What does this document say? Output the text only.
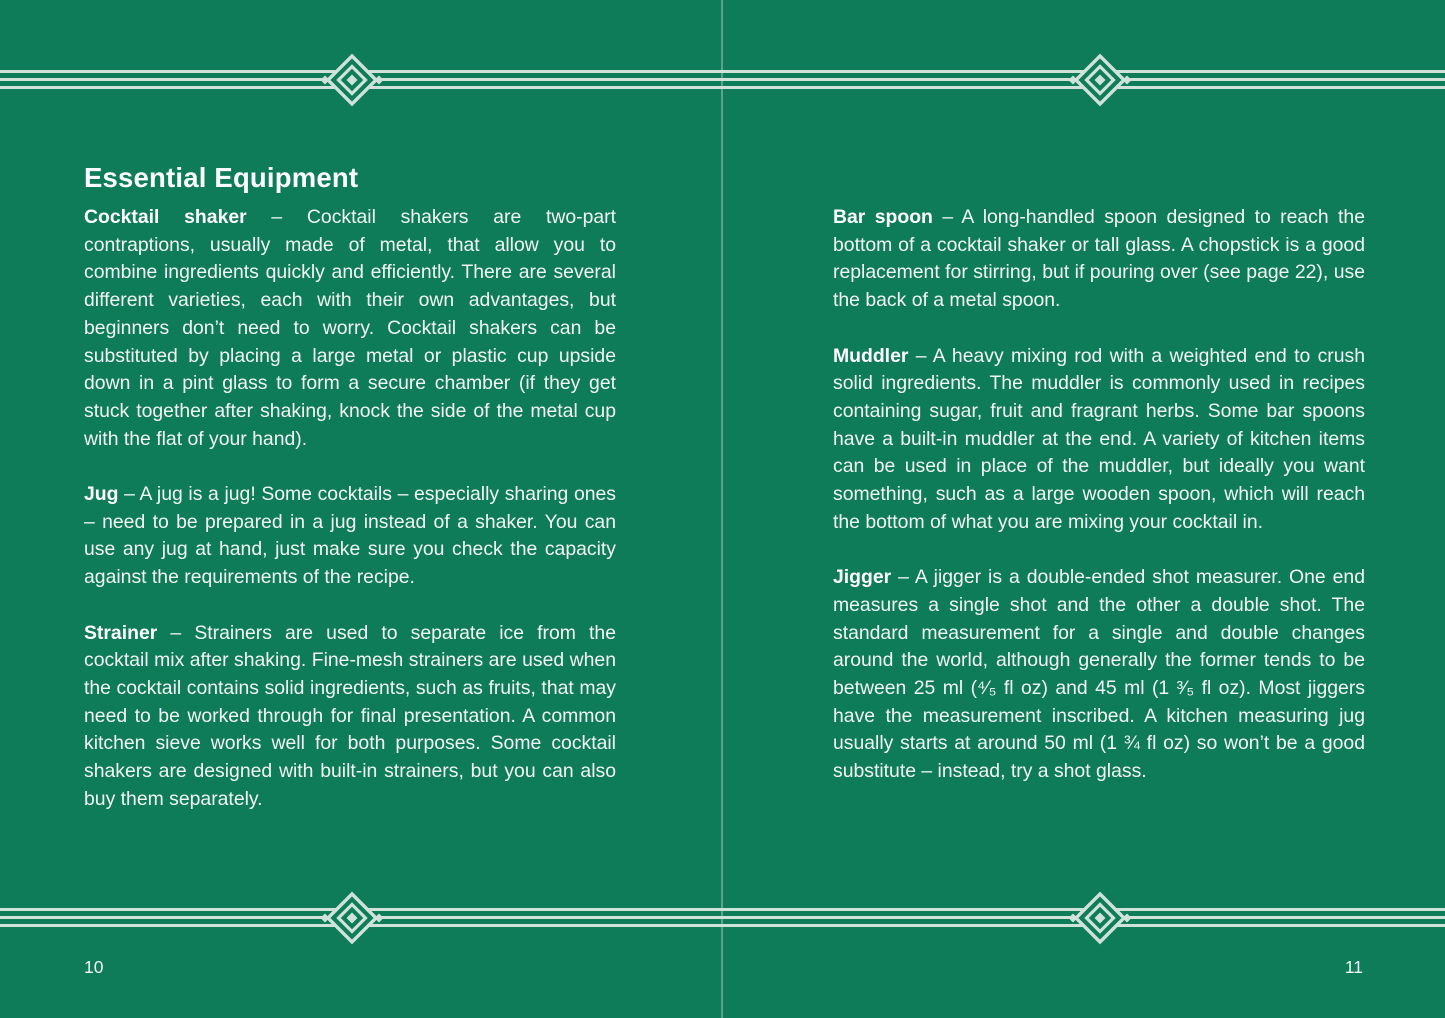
Essential Equipment

Cocktail shaker – Cocktail shakers are two-part contraptions, usually made of metal, that allow you to combine ingredients quickly and efficiently. There are several different varieties, each with their own advantages, but beginners don’t need to worry. Cocktail shakers can be substituted by placing a large metal or plastic cup upside down in a pint glass to form a secure chamber (if they get stuck together after shaking, knock the side of the metal cup with the flat of your hand).

Jug – A jug is a jug! Some cocktails – especially sharing ones – need to be prepared in a jug instead of a shaker. You can use any jug at hand, just make sure you check the capacity against the requirements of the recipe.

Strainer – Strainers are used to separate ice from the cocktail mix after shaking. Fine-mesh strainers are used when the cocktail contains solid ingredients, such as fruits, that may need to be worked through for final presentation. A common kitchen sieve works well for both purposes. Some cocktail shakers are designed with built-in strainers, but you can also buy them separately.

Bar spoon – A long-handled spoon designed to reach the bottom of a cocktail shaker or tall glass. A chopstick is a good replacement for stirring, but if pouring over (see page 22), use the back of a metal spoon.

Muddler – A heavy mixing rod with a weighted end to crush solid ingredients. The muddler is commonly used in recipes containing sugar, fruit and fragrant herbs. Some bar spoons have a built-in muddler at the end. A variety of kitchen items can be used in place of the muddler, but ideally you want something, such as a large wooden spoon, which will reach the bottom of what you are mixing your cocktail in.

Jigger – A jigger is a double-ended shot measurer. One end measures a single shot and the other a double shot. The standard measurement for a single and double changes around the world, although generally the former tends to be between 25 ml (⁴⁄₅ fl oz) and 45 ml (1 ³⁄₅ fl oz). Most jiggers have the measurement inscribed. A kitchen measuring jug usually starts at around 50 ml (1 ¾ fl oz) so won’t be a good substitute – instead, try a shot glass.

10	11
